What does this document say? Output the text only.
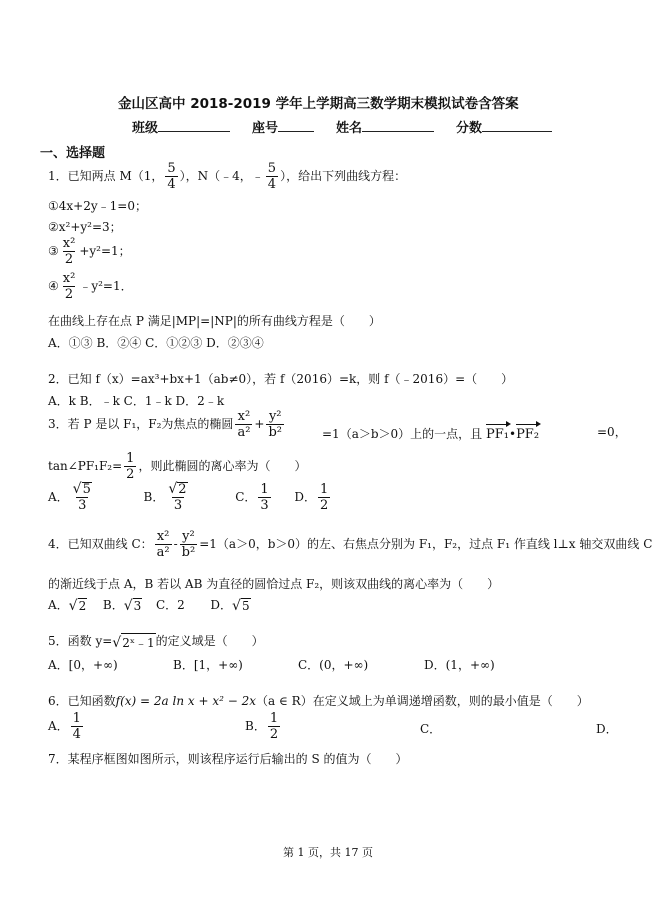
金山区高中 2018-2019 学年上学期高三数学期末模拟试卷含答案
班级	座号	姓名	分数
一、选择题
1．已知两点 M（1， $\frac{5}{4}$ ），N（﹣4，﹣ $\frac{5}{4}$ ），给出下列曲线方程：
①4x+2y﹣1=0；
②x²+y²=3；
③ $\frac{\text{x²}}{2} +y^2=1$；
④ $\frac{\text{x²}}{2}$ ﹣y²=1．
在曲线上存在点 P 满足|MP|=|NP|的所有曲线方程是（　　）
A．①③ B．②④ C．①②③ D．②③④
2．已知 f（x）=ax³+bx+1（ab≠0），若 f（2016）=k，则 f（﹣2016）=（　　）
A．k B．﹣k C．1﹣k D．2﹣k
3．若 P 是以 F₁，F₂为焦点的椭圆 $\frac{\text{x²}}{\text{a²}} + \frac{\text{y²}}{\text{b²}}$	=1（a＞b＞0）上的一点，且 PF₁•PF₂	=0，
tan∠PF₁F₂= $\frac{1}{2}$ ，则此椭圆的离心率为（　　）
A． $\frac{√5}{3}$	B． $\frac{√2}{3}$	C． $\frac{1}{3}$ D． $\frac{1}{2}$
4．已知双曲线 C： $\frac{\text{x²}}{\text{a²}} - \frac{\text{y²}}{\text{b²}} =1(a>0$，b＞0）的左、右焦点分别为 F₁，F₂，过点 F₁ 作直线 l⊥x 轴交双曲线 C
的渐近线于点 A，B 若以 AB 为直径的圆恰过点 F₂，则该双曲线的离心率为（　　）
A．√2 B．√3 C．2 D．√5
5．函数 y=√2ˣ﹣1的定义域是（　　）
A．[0，+∞)	B．[1，+∞)	C．(0，+∞)	D．(1，+∞)
6．已知函数f(x) = 2a ln x + x² − 2x（a ∈ R）在定义域上为单调递增函数，则的最小值是（　　）
A． $\frac{1}{4}$	B． $\frac{1}{2}$	C．	D．
7．某程序框图如图所示，则该程序运行后输出的 S 的值为（　　）
第 1 页，共 17 页
